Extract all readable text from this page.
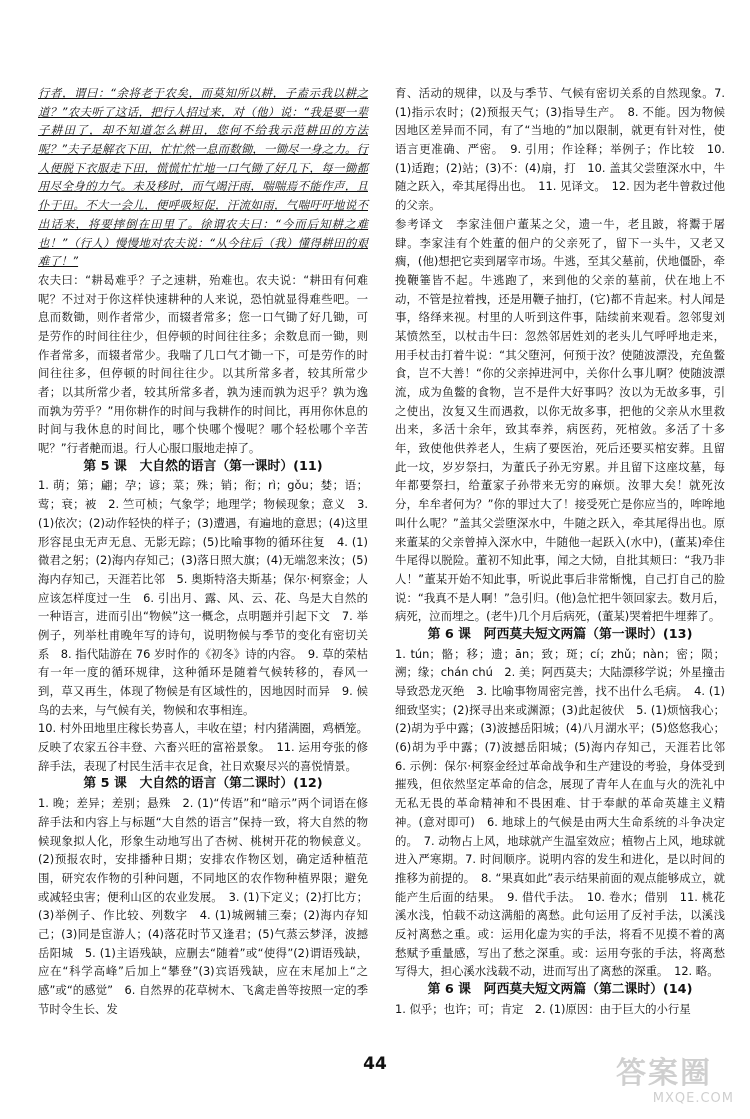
行者，谓曰：“余将老于农矣，而莫知所以耕，子盍示我以耕之道？”农夫听了这话，把行人招过来，对（他）说：“我是要一辈子耕田了，却不知道怎么耕田，您何不给我示范耕田的方法呢？”夫子是解衣下田，忙忙然一息而数锄，一锄尽一身之力。行人便脱下衣服走下田，慌慌忙忙地一口气锄了好几下，每一锄都用尽全身的力气。未及移时，而气竭汗雨，喘喘焉不能作声，且仆于田。不大一会儿，便呼吸短促，汗流如雨，气喘吁吁地说不出话来，将要摔倒在田里了。徐谓农夫曰：“今而后知耕之难也！”（行人）慢慢地对农夫说：“从今往后（我）懂得耕田的艰难了！”

农夫曰：“耕曷难乎？子之速耕，殆难也。农夫说：“耕田有何难呢？不过对于你这样快速耕种的人来说，恐怕就显得难些吧。一息而数锄，则作者常少，而辍者常多；您一口气锄了好几锄，可是劳作的时间往往少，但停顿的时间往往多；余数息而一锄，则作者常多，而辍者常少。我喘了几口气才锄一下，可是劳作的时间往往多，但停顿的时间往往少。以其所常多者，较其所常少者；以其所常少者，较其所常多者，孰为速而孰为迟乎？孰为逸而孰为劳乎？”用你耕作的时间与我耕作的时间比，再用你休息的时间与我休息的时间比，哪个快哪个慢呢？哪个轻松哪个辛苦呢？”行者艴而退。行人心服口服地走掉了。

第 5 课　大自然的语言（第一课时）(11)

1. 萌；第；翩；孕；谚；菜；殊；销；衔；rì；gǒu；婪；语；莺；衰；被　2. 竺可桢；气象学；地理学；物候现象；意义　3. (1)依次；(2)动作轻快的样子；(3)遭遇，有遍地的意思；(4)这里形容昆虫无声无息、无影无踪；(5)比喻事物的循环往复　4. (1)微君之躬；(2)海内存知己；(3)落日照大旗；(4)无端忽来汝；(5)海内存知己，天涯若比邻　5. 奥斯特洛夫斯基；保尔·柯察金；人应该怎样度过一生　6. 引出月、露、风、云、花、鸟是大自然的一种语言，进而引出“物候”这一概念，点明题并引起下文　7. 举例子，列举杜甫晚年写的诗句，说明物候与季节的变化有密切关系　8. 指代陆游在 76 岁时作的《初冬》诗的内容。　9. 草的荣枯有一年一度的循环规律，这种循环是随着气候转移的，春风一到，草又再生，体现了物候是有区域性的，因地因时而异　9. 候鸟的去来，与气候有关，物候和农事相连。

10. 村外田地里庄稼长势喜人，丰收在望；村内猪满圈，鸡栖笼。反映了农家五谷丰登、六畜兴旺的富裕景象。　11. 运用夸张的修辞手法，表现了村民生活丰衣足食，社日欢聚尽兴的喜悦情景。

第 5 课　大自然的语言（第二课时）(12)

1. 晚；差异；差别；悬殊　2. (1)“传语”和“暗示”两个词语在修辞手法和内容上与标题“大自然的语言”保持一致，将大自然的物候现象拟人化，形象生动地写出了杏树、桃树开花的物候意义。(2)预报农时，安排播种日期；安排农作物区划，确定适种植范围，研究农作物的引种问题，不同地区的农作物种植界限；避免或减轻虫害；便利山区的农业发展。　3. (1)下定义；(2)打比方；(3)举例子、作比较、列数字　4. (1)城阙辅三秦；(2)海内存知己；(3)同是宦游人；(4)落花时节又逢君；(5)气蒸云梦泽，波撼岳阳城　5. (1)主语残缺，应删去“随着”或“使得”(2)谓语残缺，应在“科学高峰”后加上“攀登”(3)宾语残缺，应在末尾加上“之感”或“的感觉”　6. 自然界的花草树木、飞禽走兽等按照一定的季节时令生长、发

育、活动的规律，以及与季节、气候有密切关系的自然现象。7. (1)指示农时；(2)预报天气；(3)指导生产。　8. 不能。因为物候因地区差异而不同，有了“当地的”加以限制，就更有针对性，使语言更准确、严密。　9. 引用；作诠释；举例子；作比较　10. (1)适跑；(2)站；(3)不：(4)扇，打　10. 盖其父尝堕深水中，牛随之跃入，牵其尾得出也。　11. 见译文。　12. 因为老牛曾救过他的父亲。

参考译文　李家洼佃户董某之父，遗一牛，老且跛，将鬻于屠肆。李家洼有个姓董的佃户的父亲死了，留下一头牛，又老又瘸，(他)想把它卖到屠宰市场。牛逃，至其父墓前，伏地僵卧，牵挽鞭箠皆不起。牛逃跑了，来到他的父亲的墓前，伏在地上不动，不管是拉着拽，还是用鞭子抽打，(它)都不肯起来。村人闻是事，络绎来视。村里的人听到这件事，陆续前来观看。忽邻叟刘某愤然至，以杖击牛曰：忽然邻居姓刘的老头儿气呼呼地走来，用手杖击打着牛说：“其父堕河，何预于汝？使随波漂没，充鱼鳖食，岂不大善！“你的父亲掉进河中，关你什么事儿啊？使随波漂流，成为鱼鳖的食物，岂不是件大好事吗？汝以为无故多事，引之使出，汝复又生而遇救，以你无故多事，把他的父亲从水里救出来，多活十余年，致其奉养，病医药，死棺敛。多活了十多年，致使他供养老人，生病了要医治，死后还要买棺安葬。且留此一坟，岁岁祭扫，为董氏子孙无穷累。并且留下这座坟墓，每年都要祭扫，给董家子孙带来无穷的麻烦。汝罪大矣！就死汝分，牟牟者何为？”你的罪过大了！接受死亡是你应当的，哞哞地叫什么呢？”盖其父尝堕深水中，牛随之跃入，牵其尾得出也。原来董某的父亲曾掉入深水中，牛随他一起跃入(水中)，(董某)牵住牛尾得以脱险。董初不知此事，闻之大恸，自批其颊曰：“我乃非人！”董某开始不知此事，听说此事后非常惭愧，自己打自己的脸说：“我真不是人啊！”急引归。(他)急忙把牛领回家去。数月后，病死，泣而埋之。(老牛)几个月后病死，(董某)哭着把牛埋葬了。

第 6 课　阿西莫夫短文两篇（第一课时）(13)

1. tún；骼；移；遗；ān；致；斑；cí；zhǔ；nàn；密；陨；溯；缘；chán chú　2. 美；阿西莫夫；大陆漂移学说；外星撞击导致恐龙灭绝　3. 比喻事物周密完善，找不出什么毛病。　4. (1)细致坚实；(2)探寻出来或渊源；(3)此起彼伏　5. (1)烦恼我心；(2)胡为乎中露；(3)波撼岳阳城；(4)八月湖水平；(5)悠悠我心；(6)胡为乎中露；(7)波撼岳阳城；(5)海内存知己，天涯若比邻　6. 示例：保尔·柯察金经过革命战争和生产建设的考验，身体受到摧残，但依然坚定革命的信念，展现了青年人在血与火的洗礼中无私无畏的革命精神和不畏困难、甘于奉献的革命英雄主义精神。(意对即可)　6. 地球上的气候是由两大生命系统的斗争决定的。　7. 动物占上风，地球就产生温室效应；植物占上风，地球就进入严寒期。7. 时间顺序。说明内容的发生和进化，是以时间的推移为前提的。　8. “果真如此”表示结果前面的观点能够成立，就能产生后面的结果。　9. 借代手法。　10. 卷水；借别　11. 桃花溪水浅，怕载不动这满船的离愁。此句运用了反衬手法，以溪浅反衬离愁之重。或：运用化虚为实的手法，将看不见摸不着的离愁赋予重量感，写出了愁之深重。或：运用夸张的手法，将离愁写得大，担心溪水浅载不动，进而写出了离愁的深重。　12. 略。

第 6 课　阿西莫夫短文两篇（第二课时）(14)

1. 似乎；也许；可；肯定　2. (1)原因：由于巨大的小行星

44	答案圈
MXQE.COM
